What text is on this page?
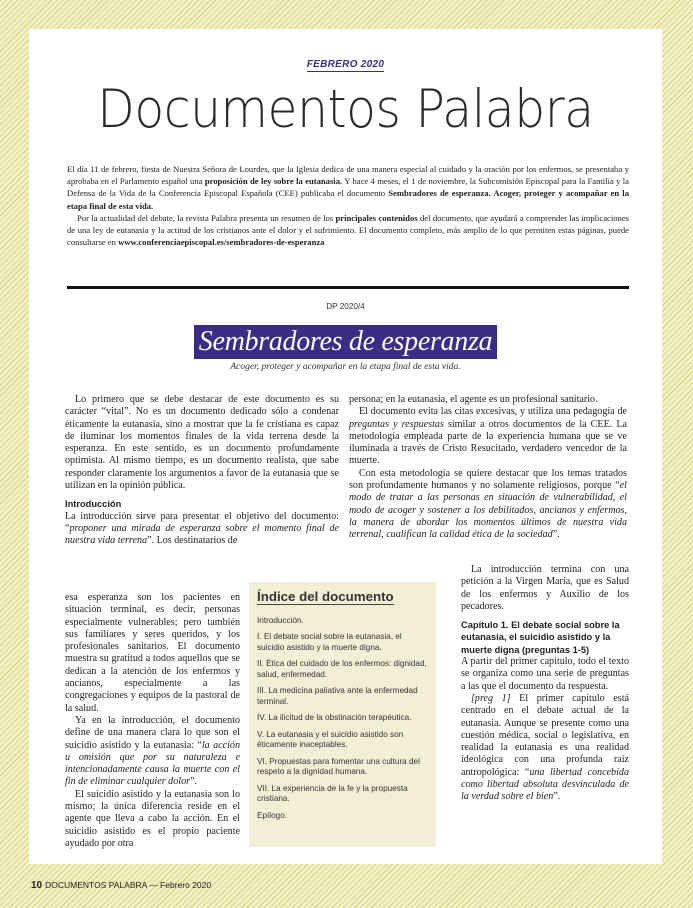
FEBRERO 2020
Documentos Palabra

El día 11 de febrero, fiesta de Nuestra Señora de Lourdes, que la Iglesia dedica de una manera especial al cuidado y la oración por los enfermos, se presentaba y aprobaba en el Parlamento español una proposición de ley sobre la eutanasia. Y hace 4 meses, el 1 de noviembre, la Subcomisión Episcopal para la Familia y la Defensa de la Vida de la Conferencia Episcopal Española (CEE) publicaba el documento Sembradores de esperanza. Acoger, proteger y acompañar en la etapa final de esta vida.

Por la actualidad del debate, la revista Palabra presenta un resumen de los principales contenidos del documento, que ayudará a comprender las implicaciones de una ley de eutanasia y la actitud de los cristianos ante el dolor y el sufrimiento. El documento completo, más amplio de lo que permiten estas páginas, puede consultarse en www.conferenciaepiscopal.es/sembradores-de-esperanza

DP 2020/4
Sembradores de esperanza
Acoger, proteger y acompañar en la etapa final de esta vida.

Lo primero que se debe destacar de este documento es su carácter “vital”. No es un documento dedicado sólo a condenar éticamente la eutanasia, sino a mostrar que la fe cristiana es capaz de iluminar los momentos finales de la vida terrena desde la esperanza. En este sentido, es un documento profundamente optimista. Al mismo tiempo, es un documento realista, que sabe responder claramente los argumentos a favor de la eutanasia que se utilizan en la opinión pública.

Introducción

La introducción sirve para presentar el objetivo del documento: “proponer una mirada de esperanza sobre el momento final de nuestra vida terrena”. Los destinatarios de

esa esperanza son los pacientes en situación terminal, es decir, personas especialmente vulnerables; pero también sus familiares y seres queridos, y los profesionales sanitarios. El documento muestra su gratitud a todos aquellos que se dedican a la atención de los enfermos y ancianos, especialmente a las congregaciones y equipos de la pastoral de la salud.

Ya en la introducción, el documento define de una manera clara lo que son el suicidio asistido y la eutanasia: “la acción u omisión que por su naturaleza e intencionadamente causa la muerte con el fin de eliminar cualquier dolor”.

El suicidio asistido y la eutanasia son lo mismo; la única diferencia reside en el agente que lleva a cabo la acción. En el suicidio asistido es el propio paciente ayudado por otra

persona; en la eutanasia, el agente es un profesional sanitario.

El documento evita las citas excesivas, y utiliza una pedagogía de preguntas y respuestas similar a otros documentos de la CEE. La metodología empleada parte de la experiencia humana que se ve iluminada a través de Cristo Resucitado, verdadero vencedor de la muerte.

Con esta metodología se quiere destacar que los temas tratados son profundamente humanos y no solamente religiosos, porque “el modo de tratar a las personas en situación de vulnerabilidad, el modo de acoger y sostener a los debilitados, ancianos y enfermos, la manera de abordar los momentos últimos de nuestra vida terrenal, cualifican la calidad ética de la sociedad”.

La introducción termina con una petición a la Virgen María, que es Salud de los enfermos y Auxilio de los pecadores.

Capítulo 1. El debate social sobre la eutanasia, el suicidio asistido y la muerte digna (preguntas 1-5)

A partir del primer capítulo, todo el texto se organiza como una serie de preguntas a las que el documento da respuesta.

[preg 1] El primer capítulo está centrado en el debate actual de la eutanasia. Aunque se presente como una cuestión médica, social o legislativa, en realidad la eutanasia es una realidad ideológica con una profunda raíz antropológica: “una libertad concebida como libertad absoluta desvinculada de la verdad sobre el bien”.

Índice del documento
Introducción.
I. El debate social sobre la eutanasia, el suicidio asistido y la muerte digna.
II. Ética del cuidado de los enfermos: dignidad, salud, enfermedad.
III. La medicina paliativa ante la enfermedad terminal.
IV. La ilicitud de la obstinación terapéutica.
V. La eutanasia y el suicidio asistido son éticamente inaceptables.
VI. Propuestas para fomentar una cultura del respeto a la dignidad humana.
VII. La experiencia de la fe y la propuesta cristiana.
Epílogo.
10 DOCUMENTOS PALABRA — Febrero 2020
